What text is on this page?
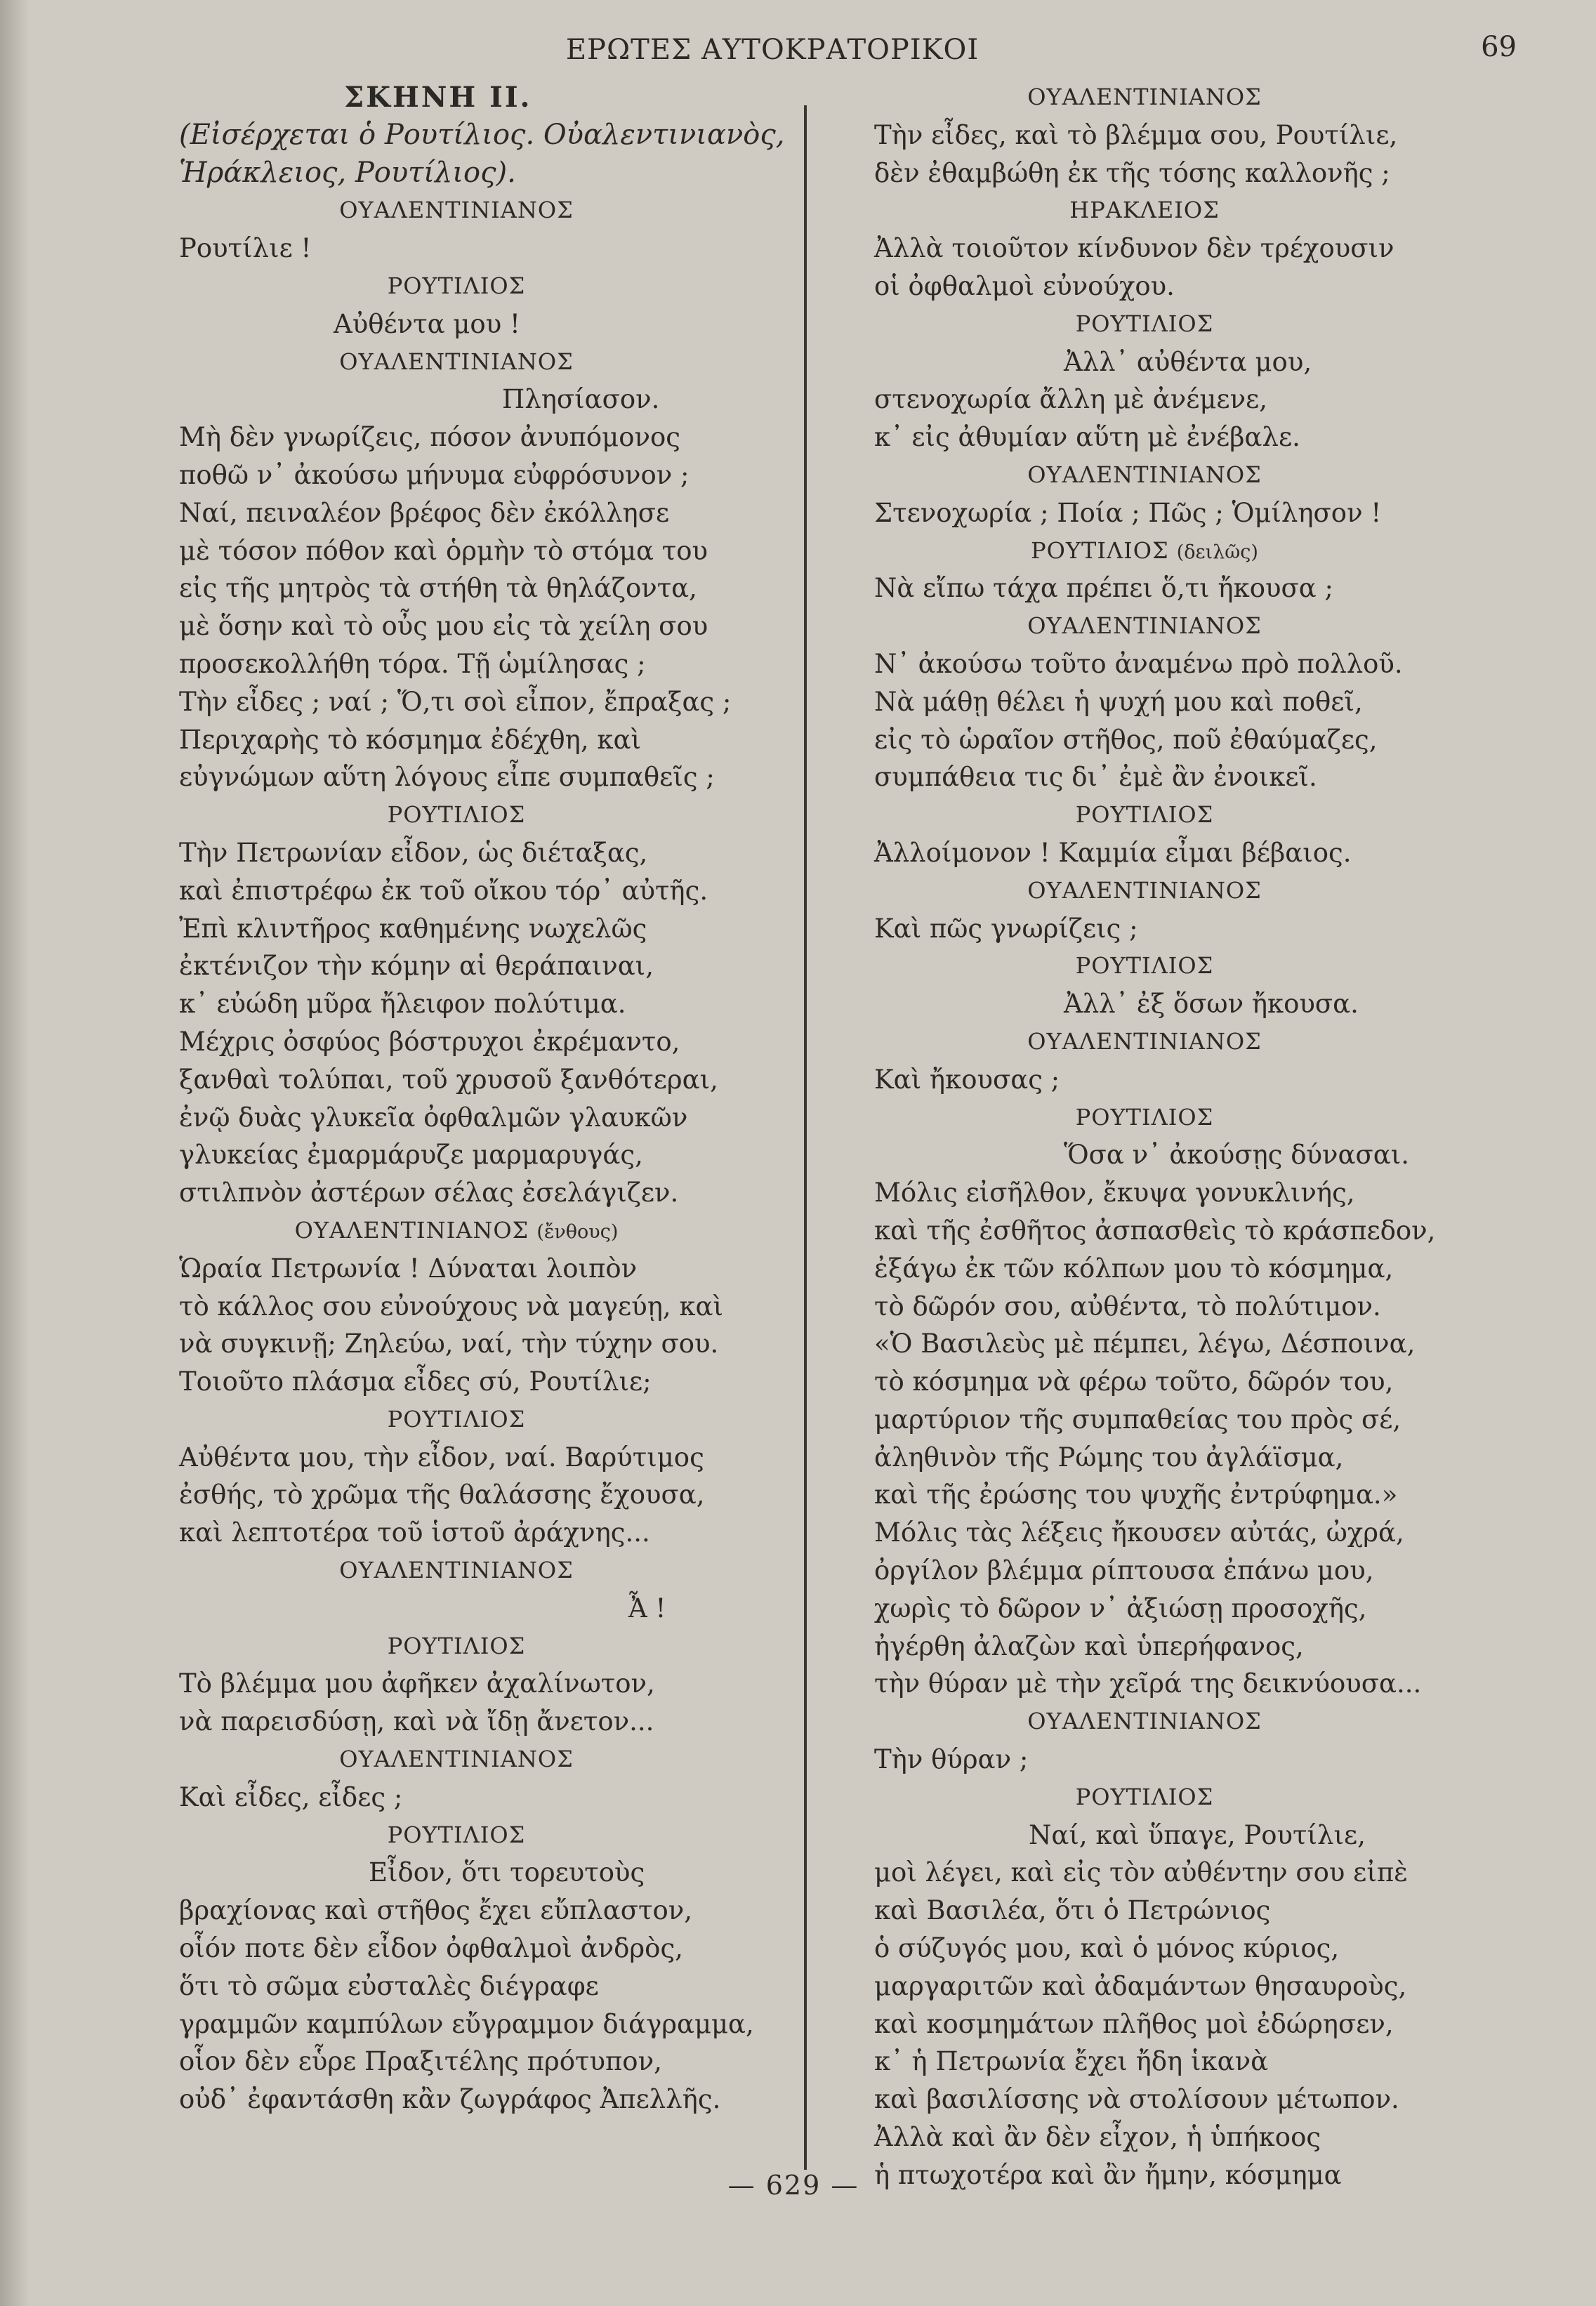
ΕΡΩΤΕΣ ΑΥΤΟΚΡΑΤΟΡΙΚΟΙ	69
ΣΚΗΝΗ ΙΙ.
(Εἰσέρχεται ὁ Ρουτίλιος. Οὐαλεντινιανὸς,
Ἡράκλειος, Ρουτίλιος).
ΟΥΑΛΕΝΤΙΝΙΑΝΟΣ
Ρουτίλιε !
ΡΟΥΤΙΛΙΟΣ
Αὐθέντα μου !
ΟΥΑΛΕΝΤΙΝΙΑΝΟΣ
Πλησίασον.
Μὴ δὲν γνωρίζεις, πόσον ἀνυπόμονος
ποθῶ ν᾿ ἀκούσω μήνυμα εὐφρόσυνον ;
Ναί, πειναλέον βρέφος δὲν ἐκόλλησε
μὲ τόσον πόθον καὶ ὁρμὴν τὸ στόμα του
εἰς τῆς μητρὸς τὰ στήθη τὰ θηλάζοντα,
μὲ ὅσην καὶ τὸ οὖς μου εἰς τὰ χείλη σου
προσεκολλήθη τόρα. Τῇ ὡμίλησας ;
Τὴν εἶδες ; ναί ; Ὅ,τι σοὶ εἶπον, ἔπραξας ;
Περιχαρὴς τὸ κόσμημα ἐδέχθη, καὶ
εὐγνώμων αὕτη λόγους εἶπε συμπαθεῖς ;
ΡΟΥΤΙΛΙΟΣ
Τὴν Πετρωνίαν εἶδον, ὡς διέταξας,
καὶ ἐπιστρέφω ἐκ τοῦ οἴκου τόρ᾿ αὐτῆς.
Ἐπὶ κλιντῆρος καθημένης νωχελῶς
ἐκτένιζον τὴν κόμην αἱ θεράπαιναι,
κ᾿ εὐώδη μῦρα ἤλειφον πολύτιμα.
Μέχρις ὀσφύος βόστρυχοι ἐκρέμαντο,
ξανθαὶ τολύπαι, τοῦ χρυσοῦ ξανθότεραι,
ἐνῷ δυὰς γλυκεῖα ὀφθαλμῶν γλαυκῶν
γλυκείας ἐμαρμάρυζε μαρμαρυγάς,
στιλπνὸν ἀστέρων σέλας ἐσελάγιζεν.
ΟΥΑΛΕΝΤΙΝΙΑΝΟΣ (ἔνθους)
Ὡραία Πετρωνία ! Δύναται λοιπὸν
τὸ κάλλος σου εὐνούχους νὰ μαγεύῃ, καὶ
νὰ συγκινῇ; Ζηλεύω, ναί, τὴν τύχην σου.
Τοιοῦτο πλάσμα εἶδες σύ, Ρουτίλιε;
ΡΟΥΤΙΛΙΟΣ
Αὐθέντα μου, τὴν εἶδον, ναί. Βαρύτιμος
ἐσθής, τὸ χρῶμα τῆς θαλάσσης ἔχουσα,
καὶ λεπτοτέρα τοῦ ἱστοῦ ἀράχνης...
ΟΥΑΛΕΝΤΙΝΙΑΝΟΣ
Ἆ !
ΡΟΥΤΙΛΙΟΣ
Τὸ βλέμμα μου ἀφῆκεν ἀχαλίνωτον,
νὰ παρεισδύσῃ, καὶ νὰ ἴδῃ ἄνετον...
ΟΥΑΛΕΝΤΙΝΙΑΝΟΣ
Καὶ εἶδες, εἶδες ;
ΡΟΥΤΙΛΙΟΣ
Εἶδον, ὅτι τορευτοὺς
βραχίονας καὶ στῆθος ἔχει εὔπλαστον,
οἷόν ποτε δὲν εἶδον ὀφθαλμοὶ ἀνδρὸς,
ὅτι τὸ σῶμα εὐσταλὲς διέγραφε
γραμμῶν καμπύλων εὔγραμμον διάγραμμα,
οἷον δὲν εὗρε Πραξιτέλης πρότυπον,
οὐδ᾿ ἐφαντάσθη κἂν ζωγράφος Ἀπελλῆς.
ΟΥΑΛΕΝΤΙΝΙΑΝΟΣ
Τὴν εἶδες, καὶ τὸ βλέμμα σου, Ρουτίλιε,
δὲν ἐθαμβώθη ἐκ τῆς τόσης καλλονῆς ;
ΗΡΑΚΛΕΙΟΣ
Ἀλλὰ τοιοῦτον κίνδυνον δὲν τρέχουσιν
οἱ ὀφθαλμοὶ εὐνούχου.
ΡΟΥΤΙΛΙΟΣ
Ἀλλ᾿ αὐθέντα μου,
στενοχωρία ἄλλη μὲ ἀνέμενε,
κ᾿ εἰς ἀθυμίαν αὕτη μὲ ἐνέβαλε.
ΟΥΑΛΕΝΤΙΝΙΑΝΟΣ
Στενοχωρία ; Ποία ; Πῶς ; Ὁμίλησον !
ΡΟΥΤΙΛΙΟΣ (δειλῶς)
Νὰ εἴπω τάχα πρέπει ὅ,τι ἤκουσα ;
ΟΥΑΛΕΝΤΙΝΙΑΝΟΣ
Ν᾿ ἀκούσω τοῦτο ἀναμένω πρὸ πολλοῦ.
Νὰ μάθῃ θέλει ἡ ψυχή μου καὶ ποθεῖ,
εἰς τὸ ὡραῖον στῆθος, ποῦ ἐθαύμαζες,
συμπάθεια τις δι᾿ ἐμὲ ἂν ἐνοικεῖ.
ΡΟΥΤΙΛΙΟΣ
Ἀλλοίμονον ! Καμμία εἶμαι βέβαιος.
ΟΥΑΛΕΝΤΙΝΙΑΝΟΣ
Καὶ πῶς γνωρίζεις ;
ΡΟΥΤΙΛΙΟΣ
Ἀλλ᾿ ἐξ ὅσων ἤκουσα.
ΟΥΑΛΕΝΤΙΝΙΑΝΟΣ
Καὶ ἤκουσας ;
ΡΟΥΤΙΛΙΟΣ
Ὅσα ν᾿ ἀκούσῃς δύνασαι.
Μόλις εἰσῆλθον, ἔκυψα γονυκλινής,
καὶ τῆς ἐσθῆτος ἀσπασθεὶς τὸ κράσπεδον,
ἐξάγω ἐκ τῶν κόλπων μου τὸ κόσμημα,
τὸ δῶρόν σου, αὐθέντα, τὸ πολύτιμον.
«Ὁ Βασιλεὺς μὲ πέμπει, λέγω, Δέσποινα,
τὸ κόσμημα νὰ φέρω τοῦτο, δῶρόν του,
μαρτύριον τῆς συμπαθείας του πρὸς σέ,
ἀληθινὸν τῆς Ρώμης του ἀγλάϊσμα,
καὶ τῆς ἐρώσης του ψυχῆς ἐντρύφημα.»
Μόλις τὰς λέξεις ἤκουσεν αὐτάς, ὠχρά,
ὀργίλον βλέμμα ρίπτουσα ἐπάνω μου,
χωρὶς τὸ δῶρον ν᾿ ἀξιώσῃ προσοχῆς,
ἠγέρθη ἀλαζὼν καὶ ὑπερήφανος,
τὴν θύραν μὲ τὴν χεῖρά της δεικνύουσα...
ΟΥΑΛΕΝΤΙΝΙΑΝΟΣ
Τὴν θύραν ;
ΡΟΥΤΙΛΙΟΣ
Ναί, καὶ ὕπαγε, Ρουτίλιε,
μοὶ λέγει, καὶ εἰς τὸν αὐθέντην σου εἰπὲ
καὶ Βασιλέα, ὅτι ὁ Πετρώνιος
ὁ σύζυγός μου, καὶ ὁ μόνος κύριος,
μαργαριτῶν καὶ ἀδαμάντων θησαυροὺς,
καὶ κοσμημάτων πλῆθος μοὶ ἐδώρησεν,
κ᾿ ἡ Πετρωνία ἔχει ἤδη ἱκανὰ
καὶ βασιλίσσης νὰ στολίσουν μέτωπον.
Ἀλλὰ καὶ ἂν δὲν εἶχον, ἡ ὑπήκοος
ἡ πτωχοτέρα καὶ ἂν ἤμην, κόσμημα
— 629 —
